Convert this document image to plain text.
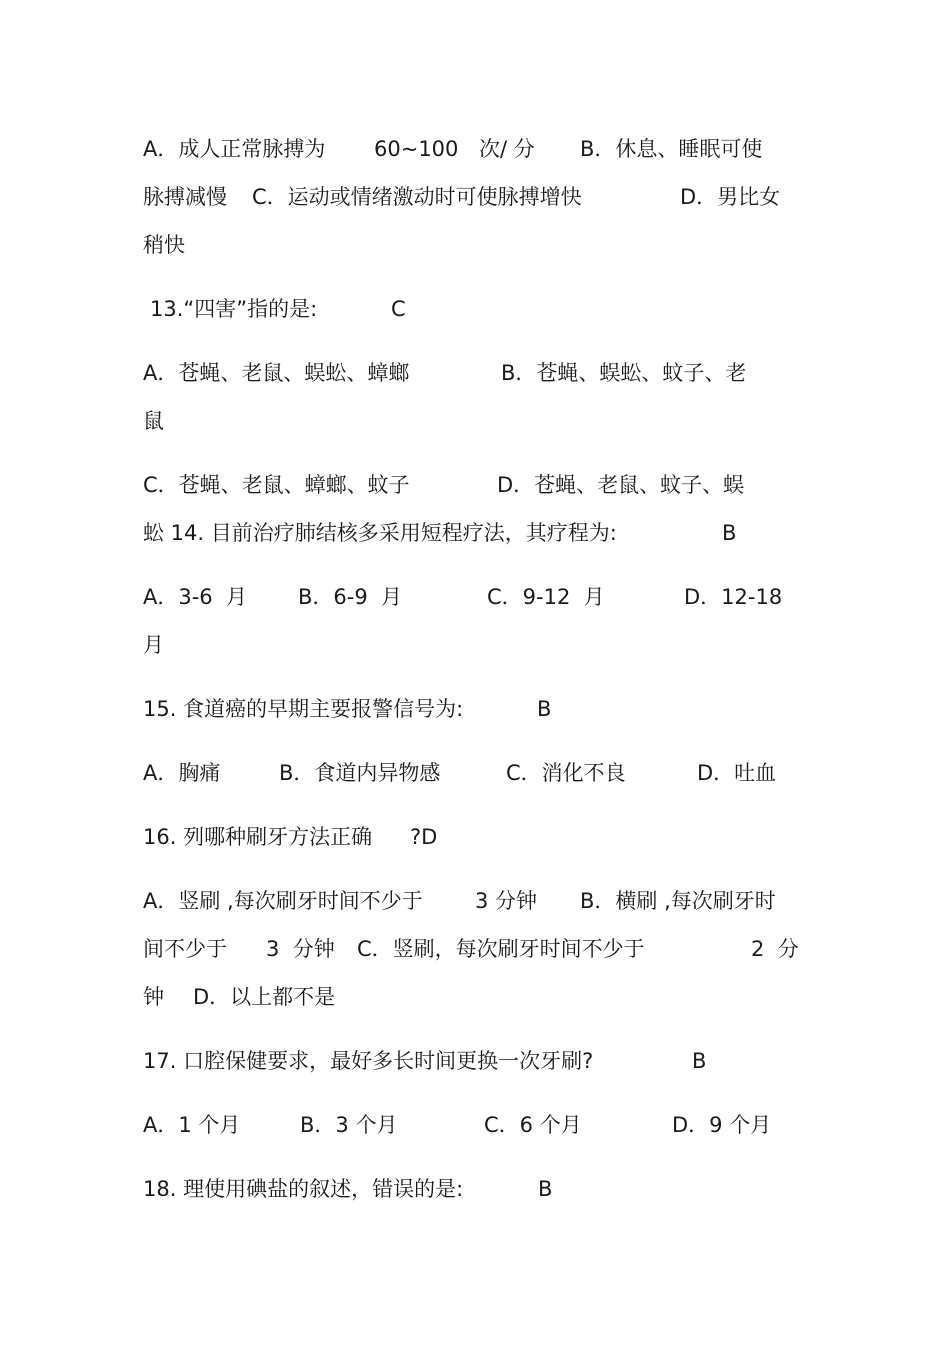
A．成人正常脉搏为 60~100 次/ 分 B．休息、睡眠可使
脉搏减慢 C．运动或情绪激动时可使脉搏增快	D．男比女
稍快
13.“四害”指的是:	C
A．苍蝇、老鼠、蜈蚣、蟑螂	B．苍蝇、蜈蚣、蚊子、老
鼠
C．苍蝇、老鼠、蟑螂、蚊子	D．苍蝇、老鼠、蚊子、蜈
蚣 14. 目前治疗肺结核多采用短程疗法，其疗程为:	B
A．3-6  月 B．6-9  月	C．9-12  月	D．12-18
月
15. 食道癌的早期主要报警信号为:	B
A．胸痛	B．食道内异物感	C．消化不良	D．吐血
16. 列哪种刷牙方法正确 ?D
A．竖刷 ,每次刷牙时间不少于 3 分钟 B．横刷 ,每次刷牙时
间不少于 3  分钟 C．竖刷，每次刷牙时间不少于	2  分
钟 D．以上都不是
17. 口腔保健要求，最好多长时间更换一次牙刷?	B
A．1 个月	B．3 个月	C．6 个月	D．9 个月
18. 理使用碘盐的叙述，错误的是:	B
